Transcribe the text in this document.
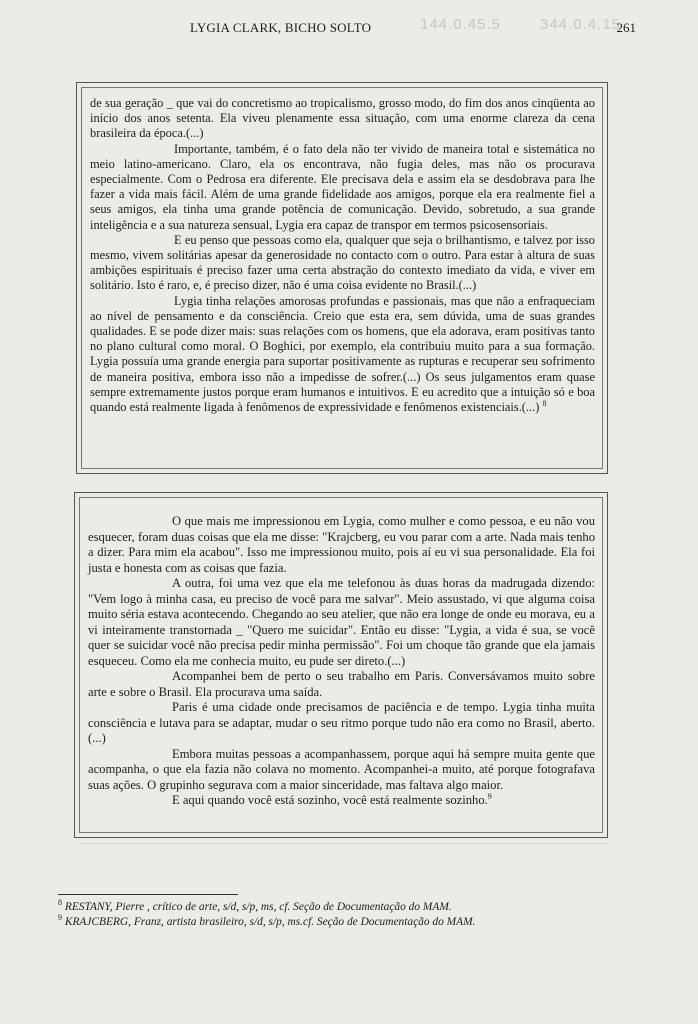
LYGIA CLARK, BICHO SOLTO	144.0.45.5	344.0.4.15
261

de sua geração _ que vai do concretismo ao tropicalismo, grosso modo, do fim dos anos cinqüenta ao início dos anos setenta. Ela viveu plenamente essa situação, com uma enorme clareza da cena brasileira da época.(...)

Importante, também, é o fato dela não ter vivido de maneira total e sistemática no meio latino-americano. Claro, ela os encontrava, não fugia deles, mas não os procurava especialmente. Com o Pedrosa era diferente. Ele precisava dela e assim ela se desdobrava para lhe fazer a vida mais fácil. Além de uma grande fidelidade aos amigos, porque ela era realmente fiel a seus amigos, ela tinha uma grande potência de comunicação. Devido, sobretudo, a sua grande inteligência e a sua natureza sensual, Lygia era capaz de transpor em termos psicosensoriais.

E eu penso que pessoas como ela, qualquer que seja o brilhantismo, e talvez por isso mesmo, vivem solitárias apesar da generosidade no contacto com o outro. Para estar à altura de suas ambições espirituais é preciso fazer uma certa abstração do contexto imediato da vida, e viver em solitário. Isto é raro, e, é preciso dizer, não é uma coisa evidente no Brasil.(...)

Lygia tinha relações amorosas profundas e passionais, mas que não a enfraqueciam ao nível de pensamento e da consciência. Creio que esta era, sem dúvida, uma de suas grandes qualidades. E se pode dizer mais: suas relações com os homens, que ela adorava, eram positivas tanto no plano cultural como moral. O Boghici, por exemplo, ela contribuiu muito para a sua formação. Lygia possuía uma grande energia para suportar positivamente as rupturas e recuperar seu sofrimento de maneira positiva, embora isso não a impedisse de sofrer.(...) Os seus julgamentos eram quase sempre extremamente justos porque eram humanos e intuitivos. E eu acredito que a intuição só e boa quando está realmente ligada à fenômenos de expressividade e fenômenos existenciais.(...) $^8$

O que mais me impressionou em Lygia, como mulher e como pessoa, e eu não vou esquecer, foram duas coisas que ela me disse: "Krajcberg, eu vou parar com a arte. Nada mais tenho a dizer. Para mim ela acabou". Isso me impressionou muito, pois aí eu vi sua personalidade. Ela foi justa e honesta com as coisas que fazia.

A outra, foi uma vez que ela me telefonou às duas horas da madrugada dizendo: "Vem logo à minha casa, eu preciso de você para me salvar". Meio assustado, vi que alguma coisa muito séria estava acontecendo. Chegando ao seu atelier, que não era longe de onde eu morava, eu a vi inteiramente transtornada _ "Quero me suicidar". Então eu disse: "Lygia, a vida é sua, se você quer se suicidar você não precisa pedir minha permissão". Foi um choque tão grande que ela jamais esqueceu. Como ela me conhecia muito, eu pude ser direto.(...)

Acompanhei bem de perto o seu trabalho em Paris. Conversávamos muito sobre arte e sobre o Brasil. Ela procurava uma saída.

Paris é uma cidade onde precisamos de paciência e de tempo. Lygia tinha muita consciência e lutava para se adaptar, mudar o seu ritmo porque tudo não era como no Brasil, aberto.(...)

Embora muitas pessoas a acompanhassem, porque aqui há sempre muita gente que acompanha, o que ela fazia não colava no momento. Acompanhei-a muito, até porque fotografava suas ações. O grupinho segurava com a maior sinceridade, mas faltava algo maior.

E aqui quando você está sozinho, você está realmente sozinho.$^9$

$^8$ RESTANY, Pierre , crítico de arte, s/d, s/p, ms, cf. Seção de Documentação do MAM.

$^9$ KRAJCBERG, Franz, artista brasileiro, s/d, s/p, ms.cf. Seção de Documentação do MAM.
